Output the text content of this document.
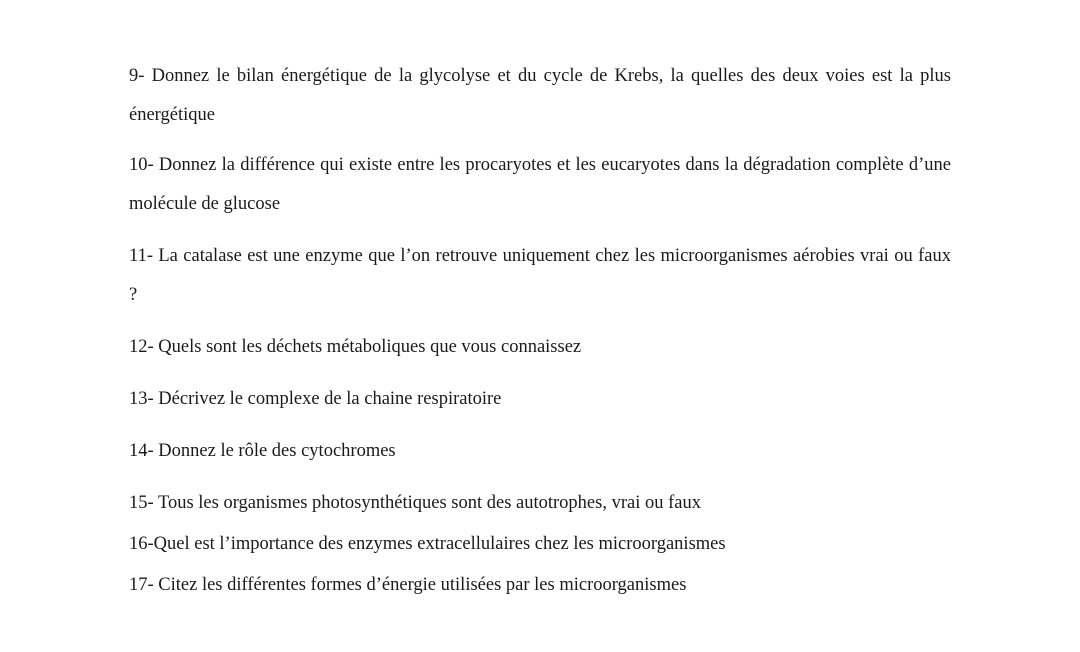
9- Donnez le bilan énergétique de la glycolyse et du cycle de Krebs, la quelles des deux voies est la plus énergétique

10- Donnez la différence qui existe entre les procaryotes et les eucaryotes dans la dégradation complète d’une molécule de glucose

11- La catalase est une enzyme que l’on retrouve uniquement chez les microorganismes aérobies vrai ou faux ?

12- Quels sont les déchets métaboliques que vous connaissez

13- Décrivez le complexe de la chaine respiratoire

14- Donnez le rôle des cytochromes

15- Tous les organismes photosynthétiques sont des autotrophes, vrai ou faux

16-Quel est l’importance des enzymes extracellulaires chez les microorganismes

17- Citez les différentes formes d’énergie utilisées par les microorganismes
